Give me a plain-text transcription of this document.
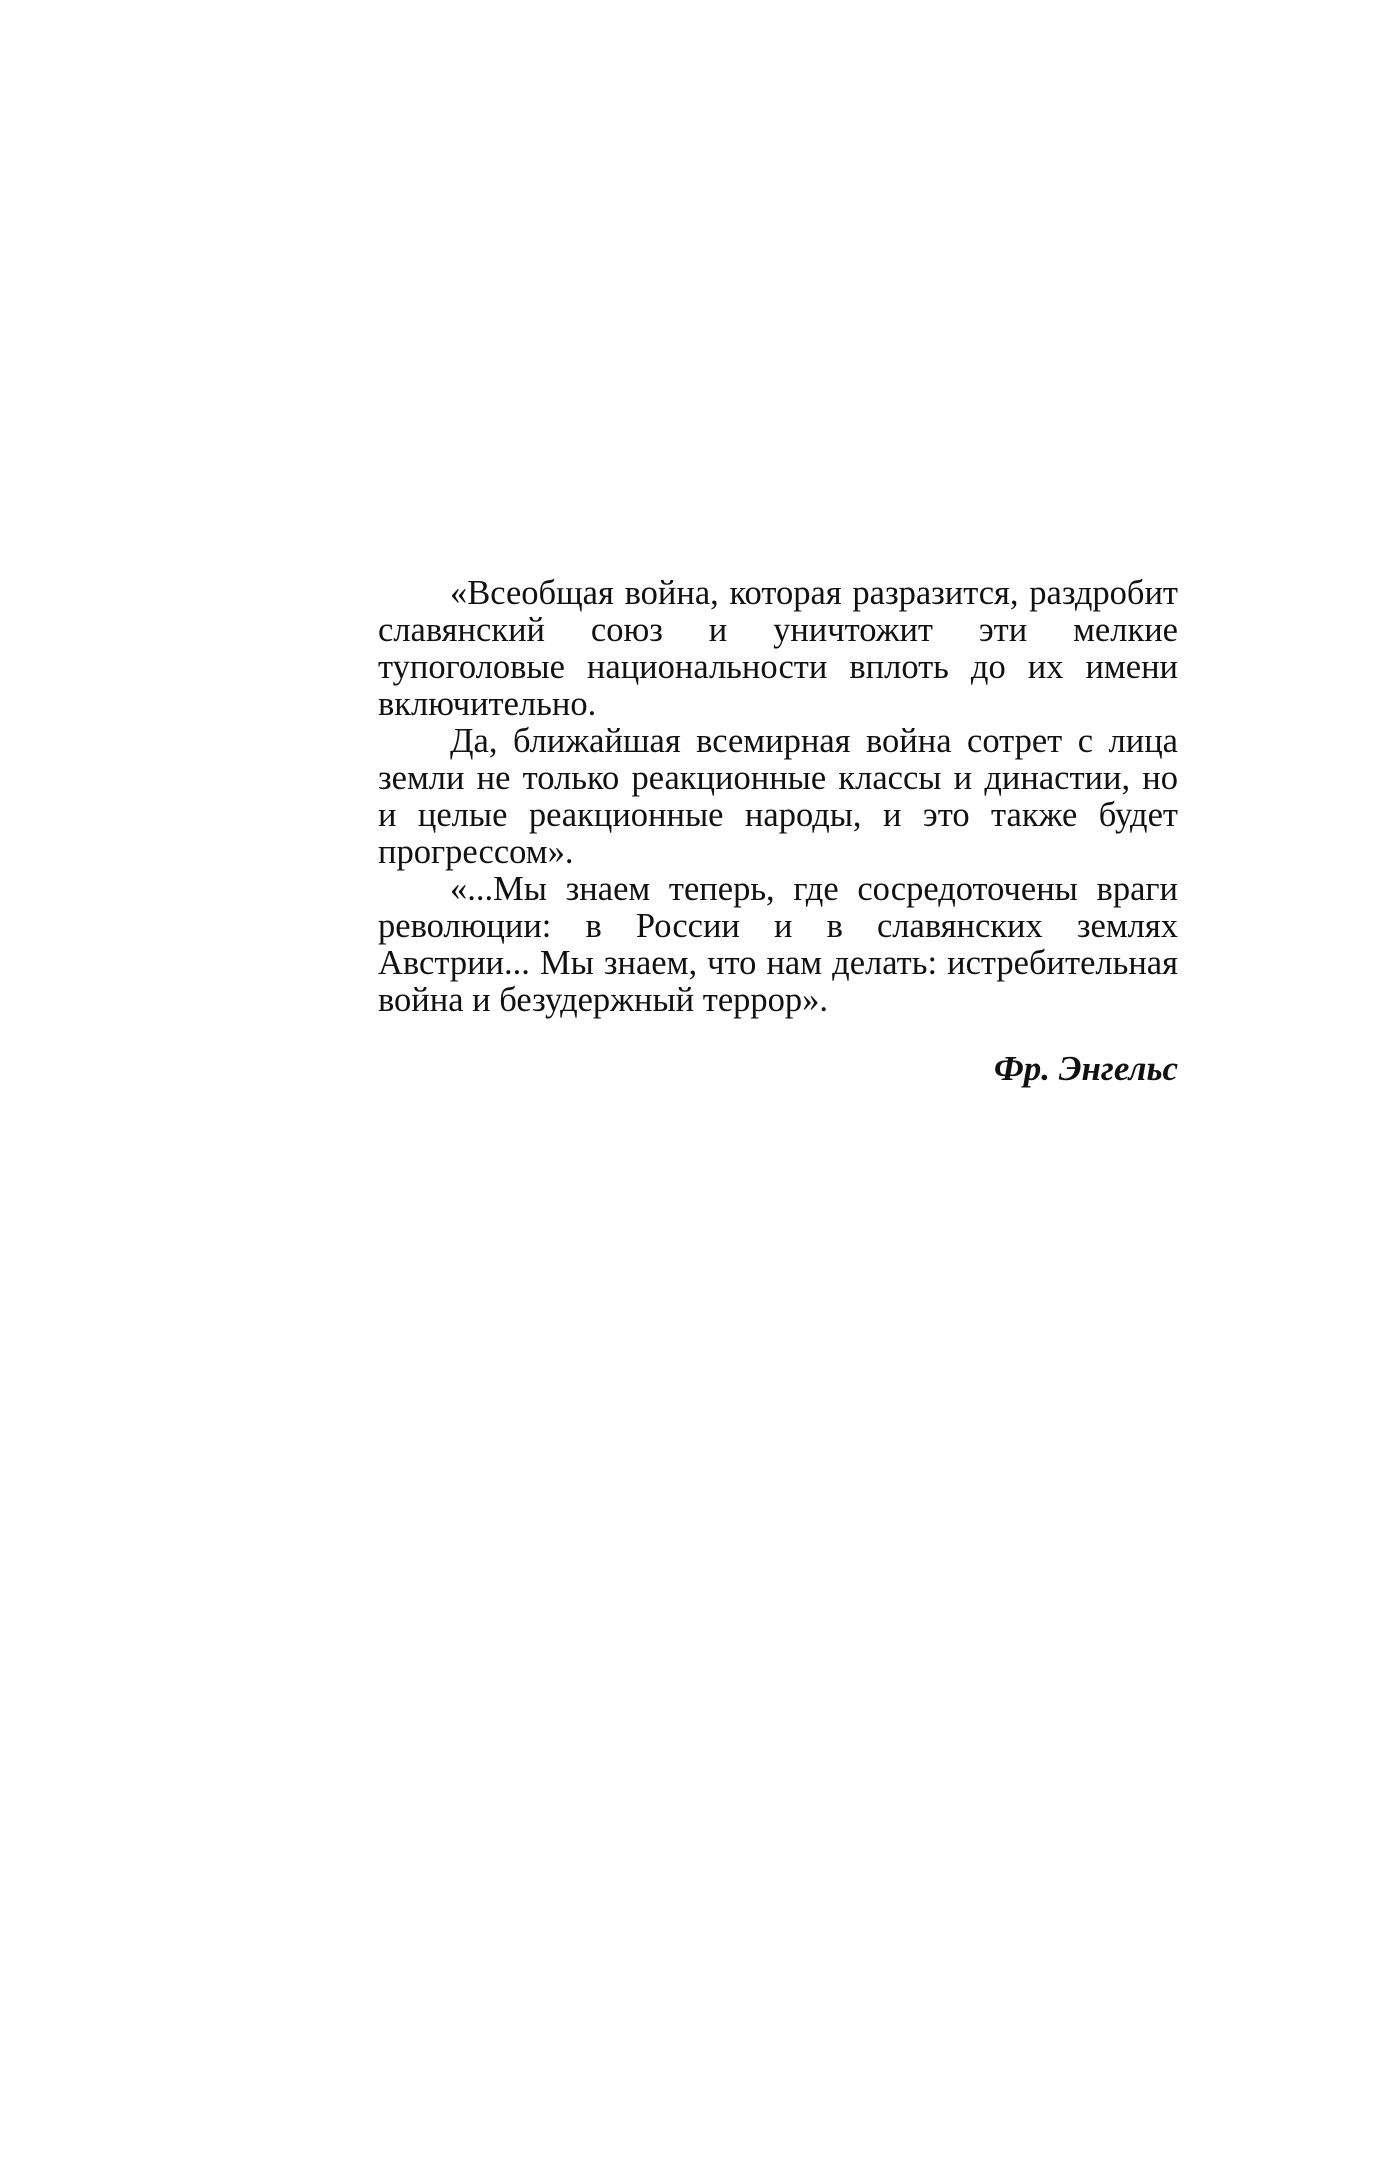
«Всеобщая война, которая разразится, раздробит славянский союз и уничтожит эти мелкие тупоголовые национальности вплоть до их имени включительно.

Да, ближайшая всемирная война сотрет с лица земли не только реакционные классы и династии, но и целые реакционные народы, и это также будет прогрессом».

«...Мы знаем теперь, где сосредоточены враги революции: в России и в славянских землях Австрии... Мы знаем, что нам делать: истребительная война и безудержный террор».

Фр. Энгельс
